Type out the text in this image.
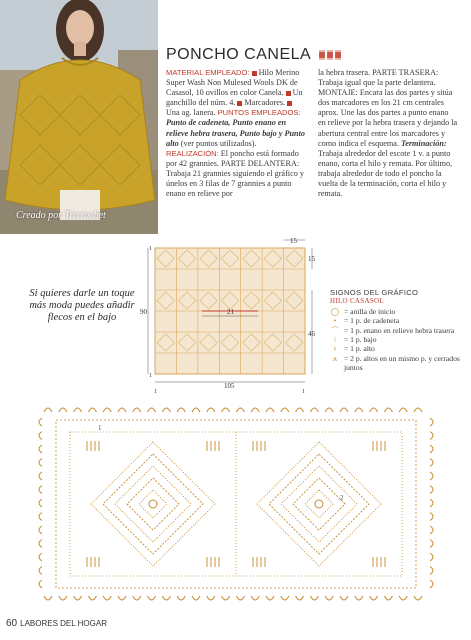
Creado por Tricrochet
PONCHO CANELA
MATERIAL EMPLEADO: Hilo Merino Super Wash Non Mulesed Wools DK de Casasol, 10 ovillos en color Canela. Un ganchillo del núm. 4. Marcadores. Una ag. lanera. PUNTOS EMPLEADOS: Punto de cadeneta, Punto enano en relieve hebra trasera, Punto bajo y Punto alto (ver puntos utilizados). REALIZACIÓN: El poncho está formado por 42 grannies. PARTE DELANTERA: Trabaja 21 grannies siguiendo el gráfico y únelos en 3 filas de 7 grannies a punto enano en relieve por
la hebra trasera. PARTE TRASERA: Trabaja igual que la parte delantera. MONTAJE: Encara las dos partes y sitúa dos marcadores en los 21 cm centrales aprox. Une las dos partes a punto enano en relieve por la hebra trasera y dejando la abertura central entre los marcadores y como indica el esquema. Terminación: Trabaja alrededor del escote 1 v. a punto enano, corta el hilo y remata. Por último, trabaja alrededor de todo el poncho la vuelta de la terminación, corta el hilo y remata.
Si quieres darle un toque más moda puedes añadir flecos en el bajo
15
15
21
90
46
105
1
1
1	1
SIGNOS DEL GRÁFICO
HILO CASASOL
◯ = anilla de inicio
•	= 1 p. de cadeneta
⌒ = 1 p. enano en relieve hebra trasera
ǀ	= 1 p. bajo
ǂ	= 1 p. alto
⩚ = 2 p. altos en un mismo p. y cerrados juntos
1
2
60 LABORES DEL HOGAR
